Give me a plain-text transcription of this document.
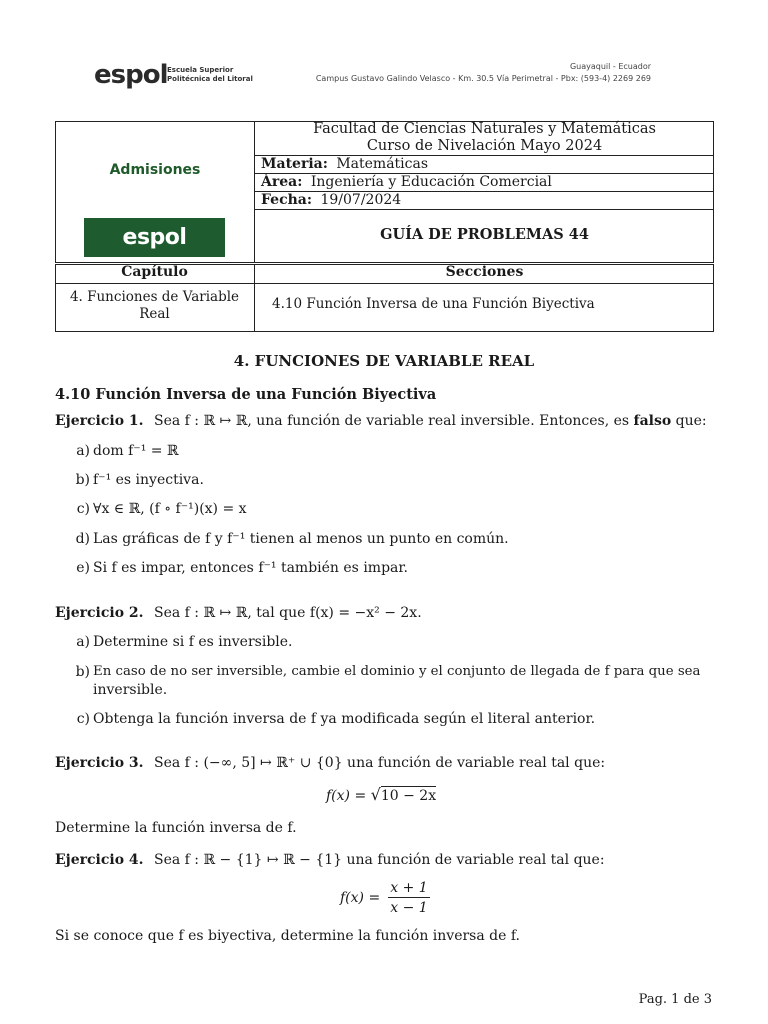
espol Escuela Superior
Politécnica del Litoral
Guayaquil - Ecuador
Campus Gustavo Galindo Velasco - Km. 30.5 Vía Perimetral - Pbx: (593-4) 2269 269
Admisiones
espol
Facultad de Ciencias Naturales y Matemáticas
Curso de Nivelación Mayo 2024
Materia: Matemáticas
Área: Ingeniería y Educación Comercial
Fecha: 19/07/2024
GUÍA DE PROBLEMAS 44
Capítulo	Secciones
4. Funciones de Variable
Real
4.10 Función Inversa de una Función Biyectiva
4. FUNCIONES DE VARIABLE REAL
4.10 Función Inversa de una Función Biyectiva
Ejercicio 1. Sea f : ℝ ↦ ℝ, una función de variable real inversible. Entonces, es falso que:
a) dom f⁻¹ = ℝ
b) f⁻¹ es inyectiva.
c) ∀x ∈ ℝ, (f ∘ f⁻¹)(x) = x
d) Las gráficas de f y f⁻¹ tienen al menos un punto en común.
e) Si f es impar, entonces f⁻¹ también es impar.
Ejercicio 2. Sea f : ℝ ↦ ℝ, tal que f(x) = −x² − 2x.
a) Determine si f es inversible.
b) En caso de no ser inversible, cambie el dominio y el conjunto de llegada de f para que sea
inversible.
c) Obtenga la función inversa de f ya modificada según el literal anterior.
Ejercicio 3. Sea f : (−∞, 5] ↦ ℝ⁺ ∪ {0} una función de variable real tal que:
f(x) = √10 − 2x
Determine la función inversa de f.
Ejercicio 4. Sea f : ℝ − {1} ↦ ℝ − {1} una función de variable real tal que:
$f(x) = \frac{x + 1}{x - 1}$
Si se conoce que f es biyectiva, determine la función inversa de f.
Pag. 1 de 3
